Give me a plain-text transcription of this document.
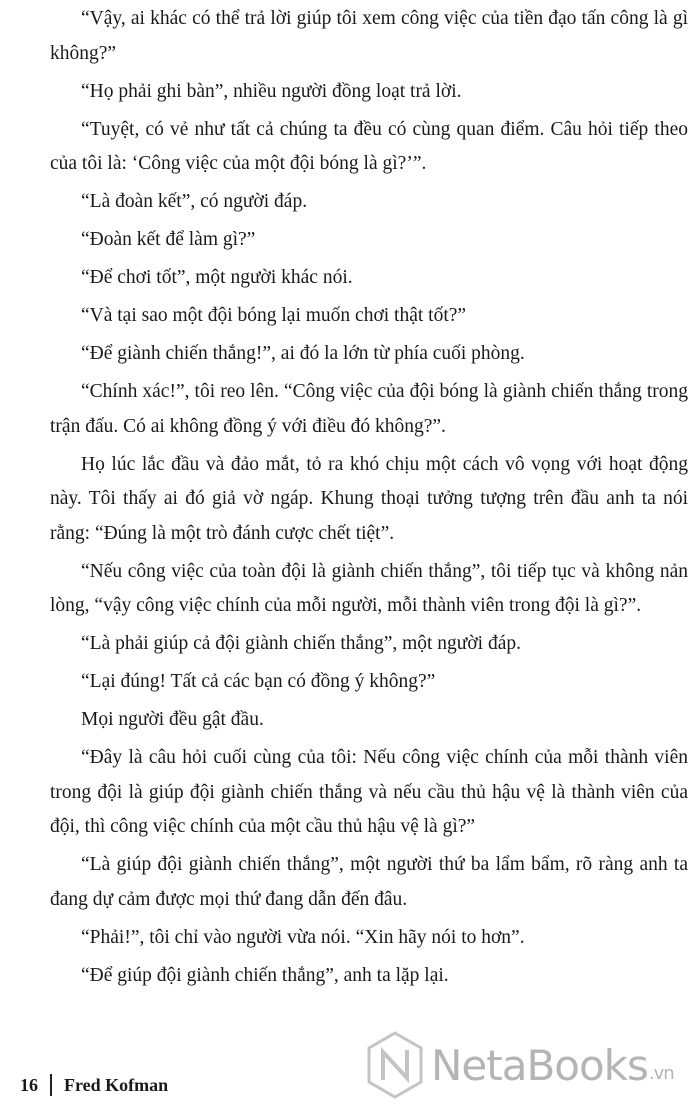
“Vậy, ai khác có thể trả lời giúp tôi xem công việc của tiền đạo tấn công là gì không?”

“Họ phải ghi bàn”, nhiều người đồng loạt trả lời.

“Tuyệt, có vẻ như tất cả chúng ta đều có cùng quan điểm. Câu hỏi tiếp theo của tôi là: ‘Công việc của một đội bóng là gì?’”.

“Là đoàn kết”, có người đáp.

“Đoàn kết để làm gì?”

“Để chơi tốt”, một người khác nói.

“Và tại sao một đội bóng lại muốn chơi thật tốt?”

“Để giành chiến thắng!”, ai đó la lớn từ phía cuối phòng.

“Chính xác!”, tôi reo lên. “Công việc của đội bóng là giành chiến thắng trong trận đấu. Có ai không đồng ý với điều đó không?”.

Họ lúc lắc đầu và đảo mắt, tỏ ra khó chịu một cách vô vọng với hoạt động này. Tôi thấy ai đó giả vờ ngáp. Khung thoại tưởng tượng trên đầu anh ta nói rằng: “Đúng là một trò đánh cược chết tiệt”.

“Nếu công việc của toàn đội là giành chiến thắng”, tôi tiếp tục và không nản lòng, “vậy công việc chính của mỗi người, mỗi thành viên trong đội là gì?”.

“Là phải giúp cả đội giành chiến thắng”, một người đáp.

“Lại đúng! Tất cả các bạn có đồng ý không?”

Mọi người đều gật đầu.

“Đây là câu hỏi cuối cùng của tôi: Nếu công việc chính của mỗi thành viên trong đội là giúp đội giành chiến thắng và nếu cầu thủ hậu vệ là thành viên của đội, thì công việc chính của một cầu thủ hậu vệ là gì?”

“Là giúp đội giành chiến thắng”, một người thứ ba lẩm bẩm, rõ ràng anh ta đang dự cảm được mọi thứ đang dẫn đến đâu.

“Phải!”, tôi chỉ vào người vừa nói. “Xin hãy nói to hơn”.

“Để giúp đội giành chiến thắng”, anh ta lặp lại.

NetaBooks .vn
16 Fred Kofman
